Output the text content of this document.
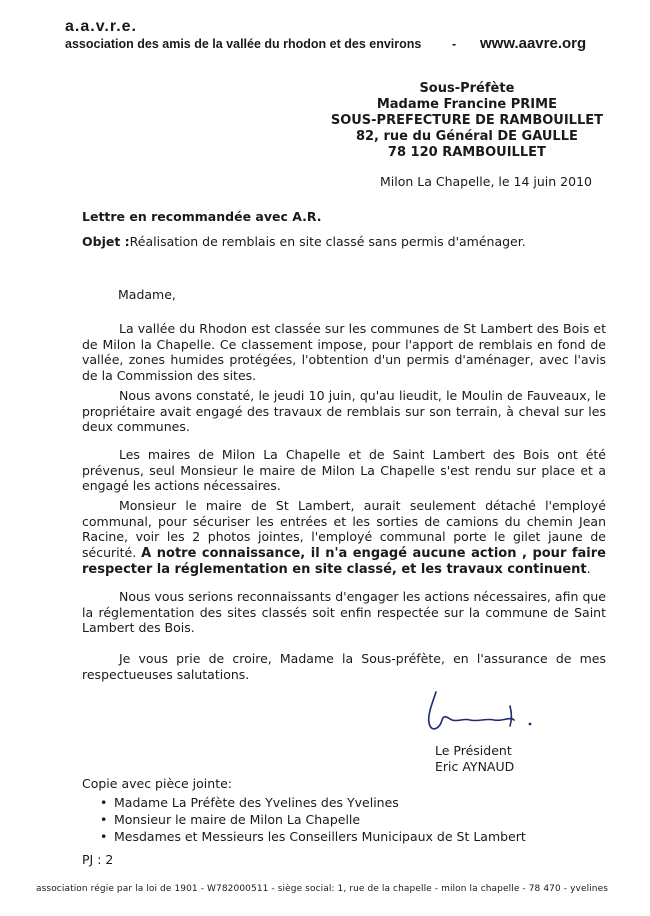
a.a.v.r.e.
association des amis de la vallée du rhodon et des environs - www.aavre.org
Sous-Préfète
Madame Francine PRIME
SOUS-PREFECTURE DE RAMBOUILLET
82, rue du Général DE GAULLE
78 120 RAMBOUILLET
Milon La Chapelle, le 14 juin 2010
Lettre en recommandée avec A.R.
Objet :Réalisation de remblais en site classé sans permis d'aménager.
Madame,
La vallée du Rhodon est classée sur les communes de St Lambert des Bois et de Milon la Chapelle. Ce classement impose, pour l'apport de remblais en fond de vallée, zones humides protégées, l'obtention d'un permis d'aménager, avec l'avis de la Commission des sites.
Nous avons constaté, le jeudi 10 juin, qu'au lieudit, le Moulin de Fauveaux, le propriétaire avait engagé des travaux de remblais sur son terrain, à cheval sur les deux communes.
Les maires de Milon La Chapelle et de Saint Lambert des Bois ont été prévenus, seul Monsieur le maire de Milon La Chapelle s'est rendu sur place et a engagé les actions nécessaires.
Monsieur le maire de St Lambert, aurait seulement détaché l'employé communal, pour sécuriser les entrées et les sorties de camions du chemin Jean Racine, voir les 2 photos jointes, l'employé communal porte le gilet jaune de sécurité. A notre connaissance, il n'a engagé aucune action , pour faire respecter la réglementation en site classé, et les travaux continuent.
Nous vous serions reconnaissants d'engager les actions nécessaires, afin que la réglementation des sites classés soit enfin respectée sur la commune de Saint Lambert des Bois.
Je vous prie de croire, Madame la Sous-préfète, en l'assurance de mes respectueuses salutations.
Le Président
Eric AYNAUD
Copie avec pièce jointe:
• Madame La Préfète des Yvelines des Yvelines
• Monsieur le maire de Milon La Chapelle
• Mesdames et Messieurs les Conseillers Municipaux de St Lambert
PJ : 2
association régie par la loi de 1901 - W782000511 - siège social: 1, rue de la chapelle - milon la chapelle - 78 470 - yvelines
